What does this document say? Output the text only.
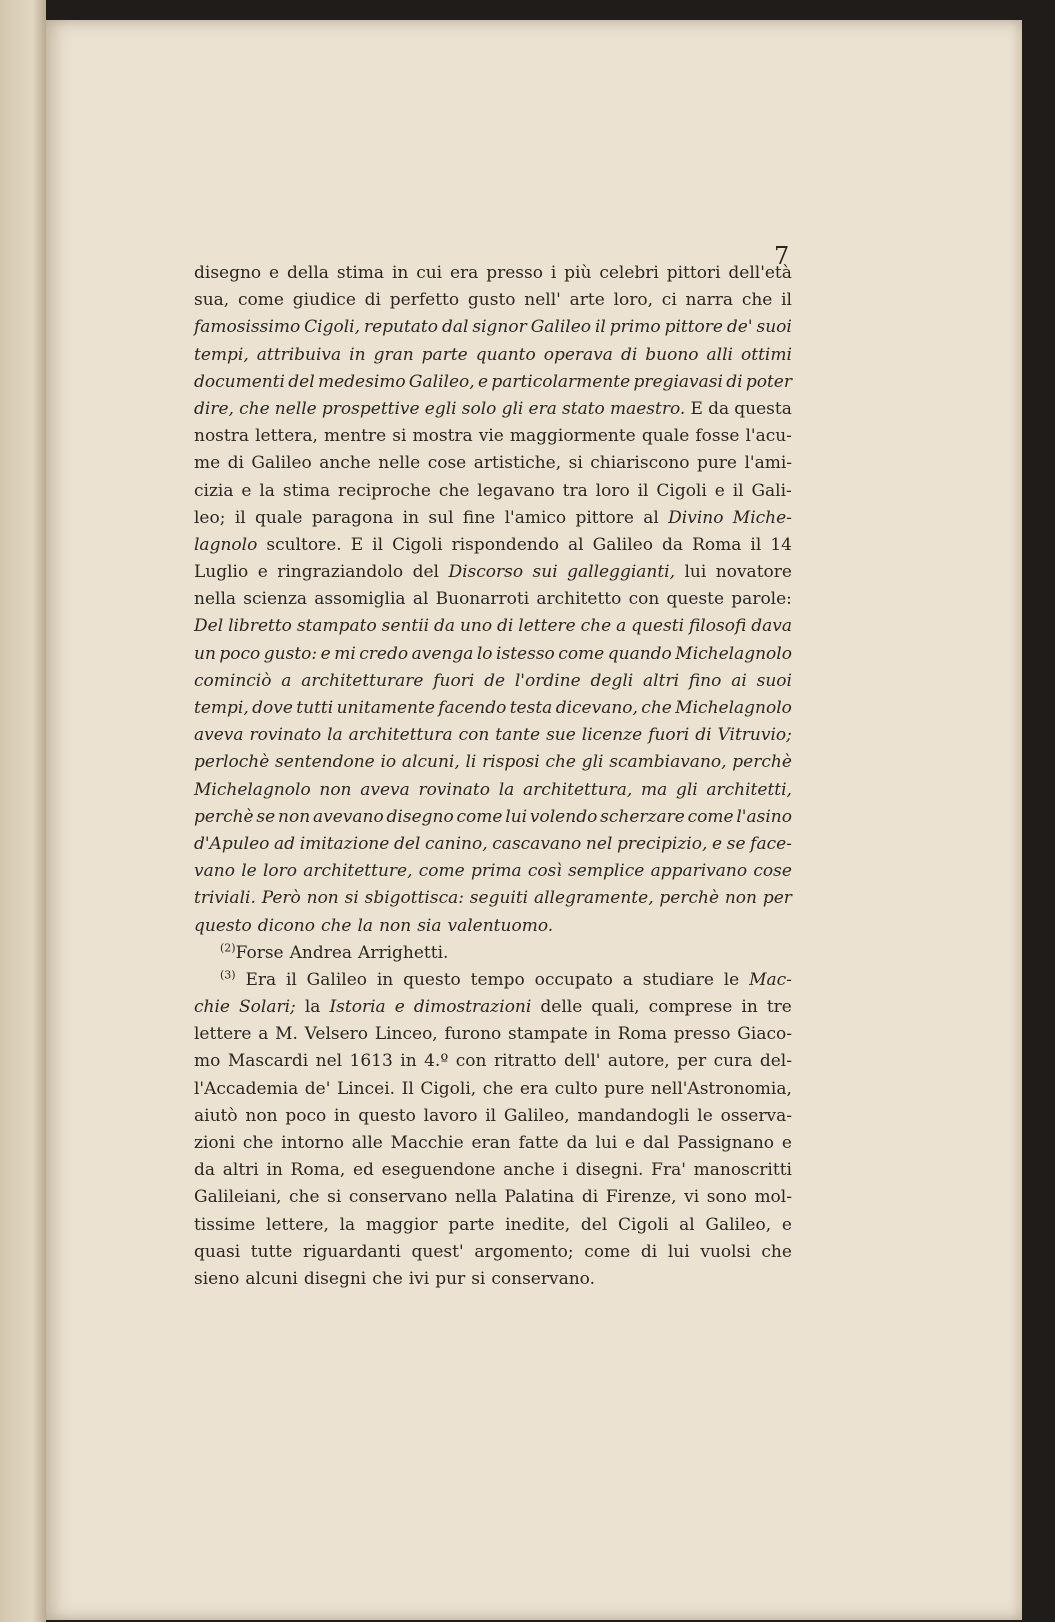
7
disegno e della stima in cui era presso i più celebri pittori dell'età
sua, come giudice di perfetto gusto nell' arte loro, ci narra che il
famosissimo Cigoli, reputato dal signor Galileo il primo pittore de' suoi
tempi, attribuiva in gran parte quanto operava di buono alli ottimi
documenti del medesimo Galileo, e particolarmente pregiavasi di poter
dire, che nelle prospettive egli solo gli era stato maestro. E da questa
nostra lettera, mentre si mostra vie maggiormente quale fosse l'acu-
me di Galileo anche nelle cose artistiche, si chiariscono pure l'ami-
cizia e la stima reciproche che legavano tra loro il Cigoli e il Gali-
leo; il quale paragona in sul fine l'amico pittore al Divino Miche-
lagnolo scultore. E il Cigoli rispondendo al Galileo da Roma il 14
Luglio e ringraziandolo del Discorso sui galleggianti, lui novatore
nella scienza assomiglia al Buonarroti architetto con queste parole:
Del libretto stampato sentii da uno di lettere che a questi filosofi dava
un poco gusto: e mi credo avenga lo istesso come quando Michelagnolo
cominciò a architetturare fuori de l'ordine degli altri fino ai suoi
tempi, dove tutti unitamente facendo testa dicevano, che Michelagnolo
aveva rovinato la architettura con tante sue licenze fuori di Vitruvio;
perlochè sentendone io alcuni, li risposi che gli scambiavano, perchè
Michelagnolo non aveva rovinato la architettura, ma gli architetti,
perchè se non avevano disegno come lui volendo scherzare come l'asino
d'Apuleo ad imitazione del canino, cascavano nel precipizio, e se face-
vano le loro architetture, come prima così semplice apparivano cose
triviali. Però non si sbigottisca: seguiti allegramente, perchè non per
questo dicono che la non sia valentuomo.
$^{(2)}$ Forse Andrea Arrighetti.
$^{(3)}$ Era il Galileo in questo tempo occupato a studiare le Mac-
chie Solari; la Istoria e dimostrazioni delle quali, comprese in tre
lettere a M. Velsero Linceo, furono stampate in Roma presso Giaco-
mo Mascardi nel 1613 in 4.º con ritratto dell' autore, per cura del-
l'Accademia de' Lincei. Il Cigoli, che era culto pure nell'Astronomia,
aiutò non poco in questo lavoro il Galileo, mandandogli le osserva-
zioni che intorno alle Macchie eran fatte da lui e dal Passignano e
da altri in Roma, ed eseguendone anche i disegni. Fra' manoscritti
Galileiani, che si conservano nella Palatina di Firenze, vi sono mol-
tissime lettere, la maggior parte inedite, del Cigoli al Galileo, e
quasi tutte riguardanti quest' argomento; come di lui vuolsi che
sieno alcuni disegni che ivi pur si conservano.
